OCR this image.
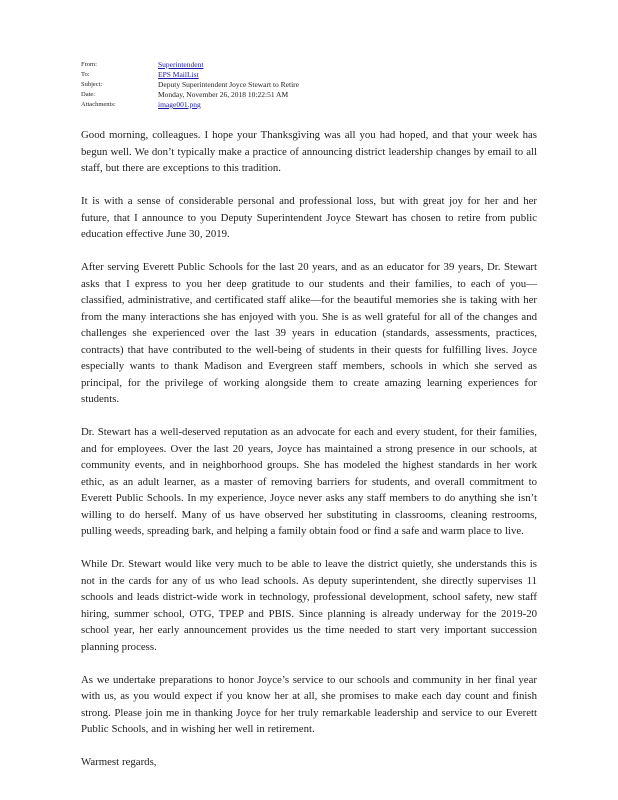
From:	Superintendent
To:	EPS MailList
Subject:	Deputy Superintendent Joyce Stewart to Retire
Date:	Monday, November 26, 2018 10:22:51 AM
Attachments:	image001.png

Good morning, colleagues. I hope your Thanksgiving was all you had hoped, and that your week has begun well. We don’t typically make a practice of announcing district leadership changes by email to all staff, but there are exceptions to this tradition.

It is with a sense of considerable personal and professional loss, but with great joy for her and her future, that I announce to you Deputy Superintendent Joyce Stewart has chosen to retire from public education effective June 30, 2019.

After serving Everett Public Schools for the last 20 years, and as an educator for 39 years, Dr. Stewart asks that I express to you her deep gratitude to our students and their families, to each of you—classified, administrative, and certificated staff alike—for the beautiful memories she is taking with her from the many interactions she has enjoyed with you. She is as well grateful for all of the changes and challenges she experienced over the last 39 years in education (standards, assessments, practices, contracts) that have contributed to the well-being of students in their quests for fulfilling lives. Joyce especially wants to thank Madison and Evergreen staff members, schools in which she served as principal, for the privilege of working alongside them to create amazing learning experiences for students.

Dr. Stewart has a well-deserved reputation as an advocate for each and every student, for their families, and for employees. Over the last 20 years, Joyce has maintained a strong presence in our schools, at community events, and in neighborhood groups. She has modeled the highest standards in her work ethic, as an adult learner, as a master of removing barriers for students, and overall commitment to Everett Public Schools. In my experience, Joyce never asks any staff members to do anything she isn’t willing to do herself. Many of us have observed her substituting in classrooms, cleaning restrooms, pulling weeds, spreading bark, and helping a family obtain food or find a safe and warm place to live.

While Dr. Stewart would like very much to be able to leave the district quietly, she understands this is not in the cards for any of us who lead schools. As deputy superintendent, she directly supervises 11 schools and leads district-wide work in technology, professional development, school safety, new staff hiring, summer school, OTG, TPEP and PBIS. Since planning is already underway for the 2019-20 school year, her early announcement provides us the time needed to start very important succession planning process.

As we undertake preparations to honor Joyce’s service to our schools and community in her final year with us, as you would expect if you know her at all, she promises to make each day count and finish strong. Please join me in thanking Joyce for her truly remarkable leadership and service to our Everett Public Schools, and in wishing her well in retirement.

Warmest regards,
